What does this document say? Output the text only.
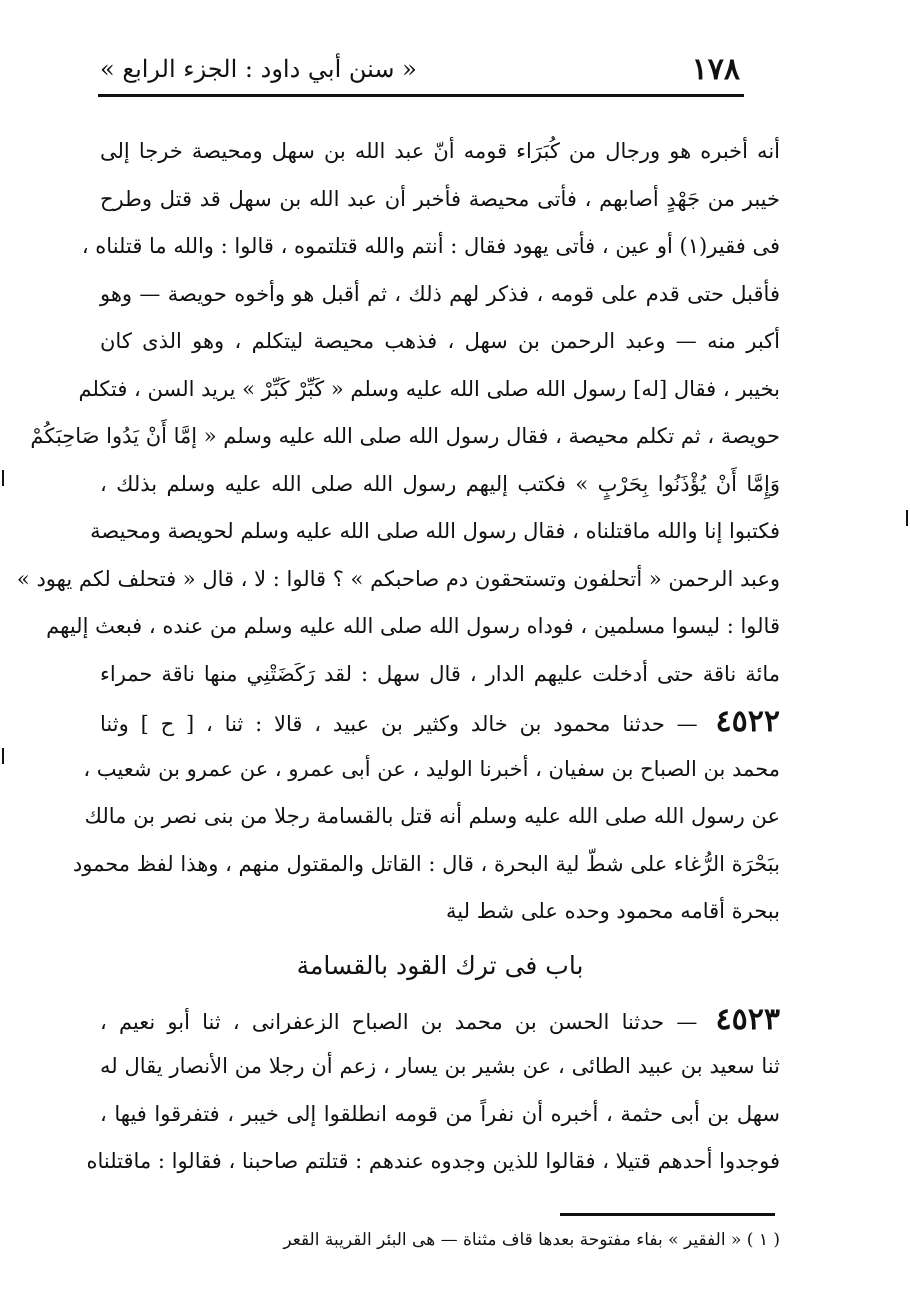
١٧٨
« سنن أبي داود : الجزء الرابع »
أنه أخبره هو ورجال من كُبَرَاء قومه أنّ عبد الله بن سهل ومحيصة خرجا إلى
خيبر من جَهْدٍ أصابهم ، فأتى محيصة فأخبر أن عبد الله بن سهل قد قتل وطرح
فى فقير(١) أو عين ، فأتى يهود فقال : أنتم والله قتلتموه ، قالوا : والله ما قتلناه ،
فأقبل حتى قدم على قومه ، فذكر لهم ذلك ، ثم أقبل هو وأخوه حويصة — وهو
أكبر منه — وعبد الرحمن بن سهل ، فذهب محيصة ليتكلم ، وهو الذى كان
بخيبر ، فقال [له] رسول الله صلى الله عليه وسلم « كَبِّرْ كَبِّرْ » يريد السن ، فتكلم
حويصة ، ثم تكلم محيصة ، فقال رسول الله صلى الله عليه وسلم « إمَّا أَنْ يَدُوا صَاحِبَكُمْ
وَإِمَّا أَنْ يُؤْذَنُوا بِحَرْبٍ » فكتب إليهم رسول الله صلى الله عليه وسلم بذلك ،
فكتبوا إنا والله ماقتلناه ، فقال رسول الله صلى الله عليه وسلم لحويصة ومحيصة
وعبد الرحمن « أتحلفون وتستحقون دم صاحبكم » ؟ قالوا : لا ، قال « فتحلف لكم يهود »
قالوا : ليسوا مسلمين ، فوداه رسول الله صلى الله عليه وسلم من عنده ، فبعث إليهم
مائة ناقة حتى أدخلت عليهم الدار ، قال سهل : لقد رَكَضَتْنِي منها ناقة حمراء
٤٥٢٢ — حدثنا محمود بن خالد وكثير بن عبيد ، قالا : ثنا ، [ ح ] وثنا
محمد بن الصباح بن سفيان ، أخبرنا الوليد ، عن أبى عمرو ، عن عمرو بن شعيب ،
عن رسول الله صلى الله عليه وسلم أنه قتل بالقسامة رجلا من بنى نصر بن مالك
ببَحْرَة الرُّغاء على شطّ لية البحرة ، قال : القاتل والمقتول منهم ، وهذا لفظ محمود
ببحرة أقامه محمود وحده على شط لية
باب فى ترك القود بالقسامة
٤٥٢٣ — حدثنا الحسن بن محمد بن الصباح الزعفرانى ، ثنا أبو نعيم ،
ثنا سعيد بن عبيد الطائى ، عن بشير بن يسار ، زعم أن رجلا من الأنصار يقال له
سهل بن أبى حثمة ، أخبره أن نفراً من قومه انطلقوا إلى خيبر ، فتفرقوا فيها ،
فوجدوا أحدهم قتيلا ، فقالوا للذين وجدوه عندهم : قتلتم صاحبنا ، فقالوا : ماقتلناه
( ١ ) « الفقير » بفاء مفتوحة بعدها قاف مثناة — هى البئر القريبة القعر
